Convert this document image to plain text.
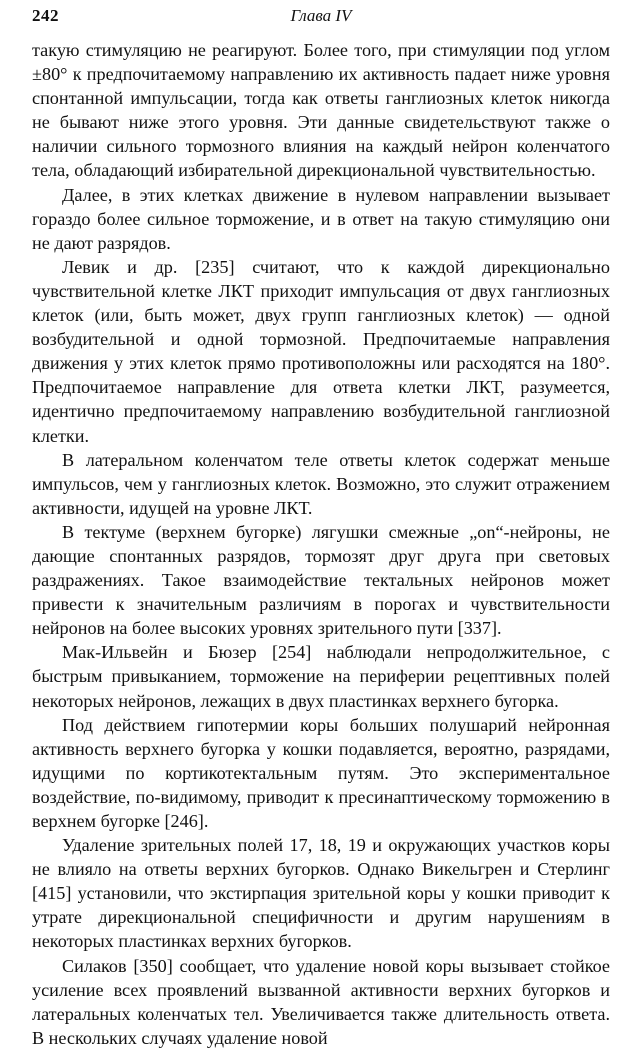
242	Глава IV

такую стимуляцию не реагируют. Более того, при стимуляции под углом ±80° к предпочитаемому направлению их активность падает ниже уровня спонтанной импульсации, тогда как ответы ганглиозных клеток никогда не бывают ниже этого уровня. Эти данные свидетельствуют также о наличии сильного тормозного влияния на каждый нейрон коленчатого тела, обладающий избирательной дирекциональной чувствительностью.

Далее, в этих клетках движение в нулевом направлении вызывает гораздо более сильное торможение, и в ответ на такую стимуляцию они не дают разрядов.

Левик и др. [235] считают, что к каждой дирекционально чувствительной клетке ЛКТ приходит импульсация от двух ганглиозных клеток (или, быть может, двух групп ганглиозных клеток) — одной возбудительной и одной тормозной. Предпочитаемые направления движения у этих клеток прямо противоположны или расходятся на 180°. Предпочитаемое направление для ответа клетки ЛКТ, разумеется, идентично предпочитаемому направлению возбудительной ганглиозной клетки.

В латеральном коленчатом теле ответы клеток содержат меньше импульсов, чем у ганглиозных клеток. Возможно, это служит отражением активности, идущей на уровне ЛКТ.

В тектуме (верхнем бугорке) лягушки смежные „on“-нейроны, не дающие спонтанных разрядов, тормозят друг друга при световых раздражениях. Такое взаимодействие тектальных нейронов может привести к значительным различиям в порогах и чувствительности нейронов на более высоких уровнях зрительного пути [337].

Мак-Ильвейн и Бюзер [254] наблюдали непродолжительное, с быстрым привыканием, торможение на периферии рецептивных полей некоторых нейронов, лежащих в двух пластинках верхнего бугорка.

Под действием гипотермии коры больших полушарий нейронная активность верхнего бугорка у кошки подавляется, вероятно, разрядами, идущими по кортикотектальным путям. Это экспериментальное воздействие, по-видимому, приводит к пресинаптическому торможению в верхнем бугорке [246].

Удаление зрительных полей 17, 18, 19 и окружающих участков коры не влияло на ответы верхних бугорков. Однако Викельгрен и Стерлинг [415] установили, что экстирпация зрительной коры у кошки приводит к утрате дирекциональной специфичности и другим нарушениям в некоторых пластинках верхних бугорков.

Силаков [350] сообщает, что удаление новой коры вызывает стойкое усиление всех проявлений вызванной активности верхних бугорков и латеральных коленчатых тел. Увеличивается также длительность ответа. В нескольких случаях удаление новой
